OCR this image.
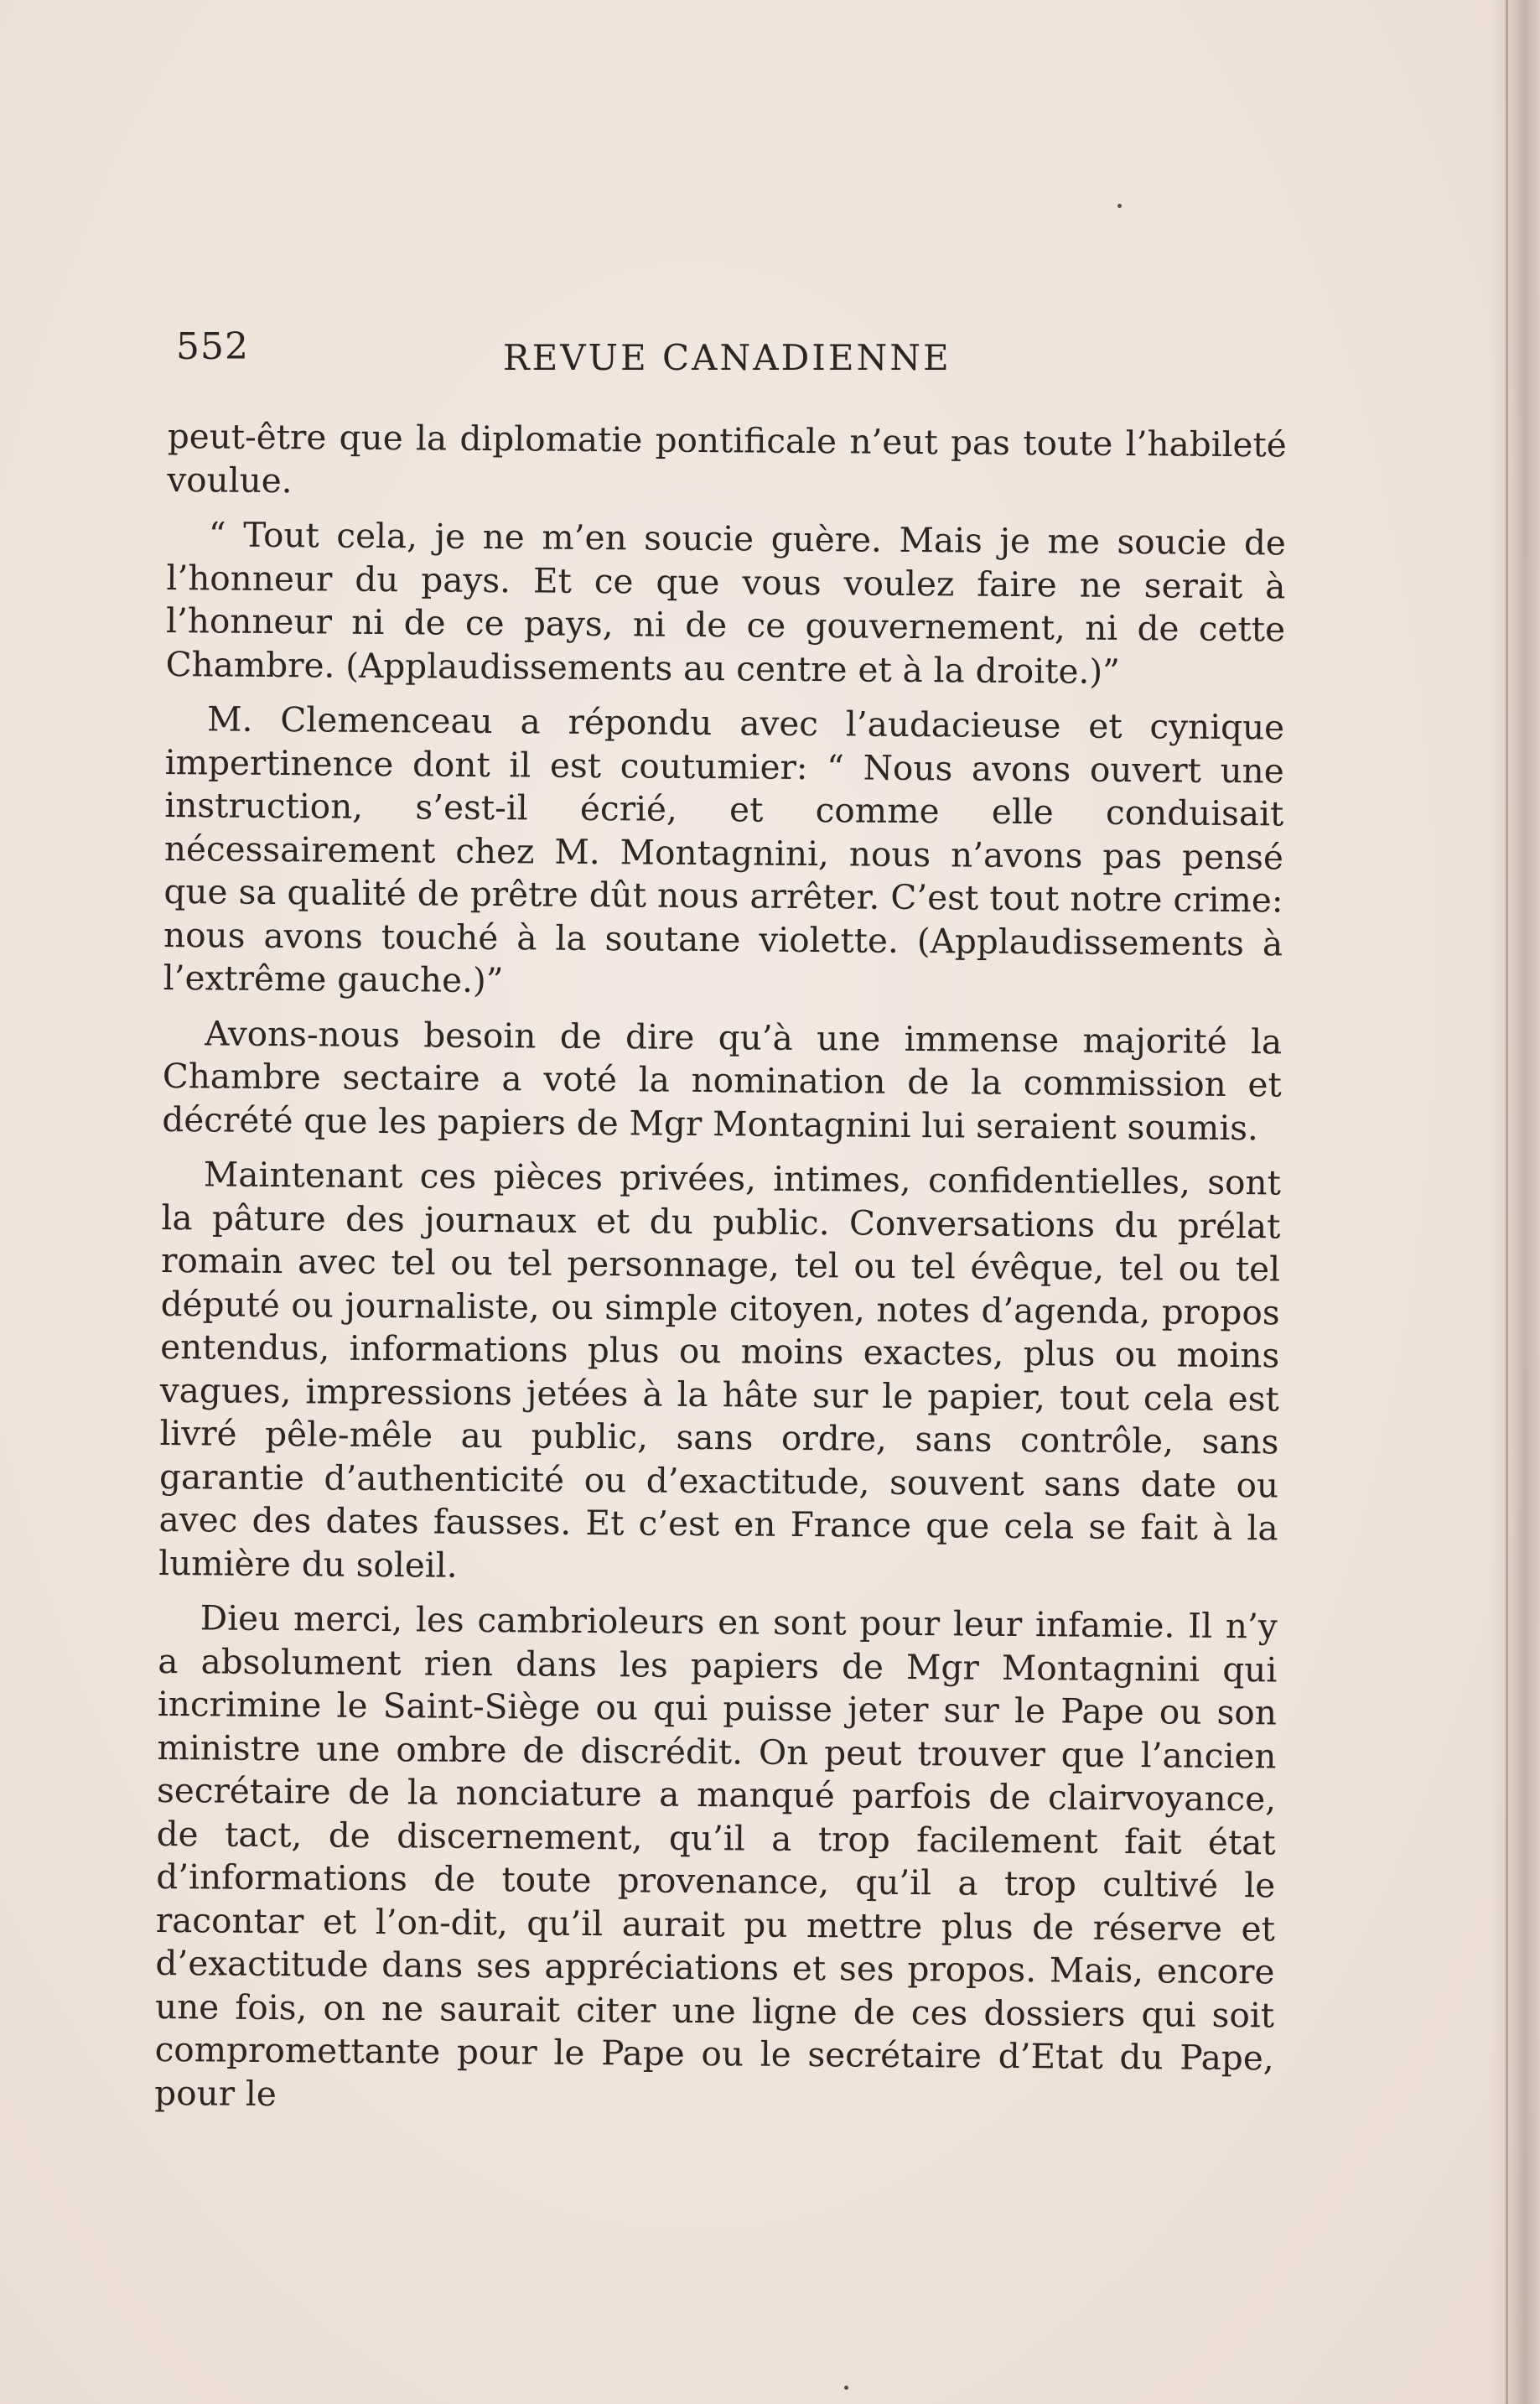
552	REVUE CANADIENNE

peut-être que la diplomatie pontificale n’eut pas toute l’habileté voulue.

“ Tout cela, je ne m’en soucie guère. Mais je me soucie de l’honneur du pays. Et ce que vous voulez faire ne serait à l’honneur ni de ce pays, ni de ce gouvernement, ni de cette Chambre. (Applaudissements au centre et à la droite.)”

M. Clemenceau a répondu avec l’audacieuse et cynique impertinence dont il est coutumier: “ Nous avons ouvert une instruction, s’est-il écrié, et comme elle conduisait nécessairement chez M. Montagnini, nous n’avons pas pensé que sa qualité de prêtre dût nous arrêter. C’est tout notre crime: nous avons touché à la soutane violette. (Applaudissements à l’extrême gauche.)”

Avons-nous besoin de dire qu’à une immense majorité la Chambre sectaire a voté la nomination de la commission et décrété que les papiers de Mgr Montagnini lui seraient soumis.

Maintenant ces pièces privées, intimes, confidentielles, sont la pâture des journaux et du public. Conversations du prélat romain avec tel ou tel personnage, tel ou tel évêque, tel ou tel député ou journaliste, ou simple citoyen, notes d’agenda, propos entendus, informations plus ou moins exactes, plus ou moins vagues, impressions jetées à la hâte sur le papier, tout cela est livré pêle-mêle au public, sans ordre, sans contrôle, sans garantie d’authenticité ou d’exactitude, souvent sans date ou avec des dates fausses. Et c’est en France que cela se fait à la lumière du soleil.

Dieu merci, les cambrioleurs en sont pour leur infamie. Il n’y a absolument rien dans les papiers de Mgr Montagnini qui incrimine le Saint-Siège ou qui puisse jeter sur le Pape ou son ministre une ombre de discrédit. On peut trouver que l’ancien secrétaire de la nonciature a manqué parfois de clairvoyance, de tact, de discernement, qu’il a trop facilement fait état d’informations de toute provenance, qu’il a trop cultivé le racontar et l’on-dit, qu’il aurait pu mettre plus de réserve et d’exactitude dans ses appréciations et ses propos. Mais, encore une fois, on ne saurait citer une ligne de ces dossiers qui soit compromettante pour le Pape ou le secrétaire d’Etat du Pape, pour le
